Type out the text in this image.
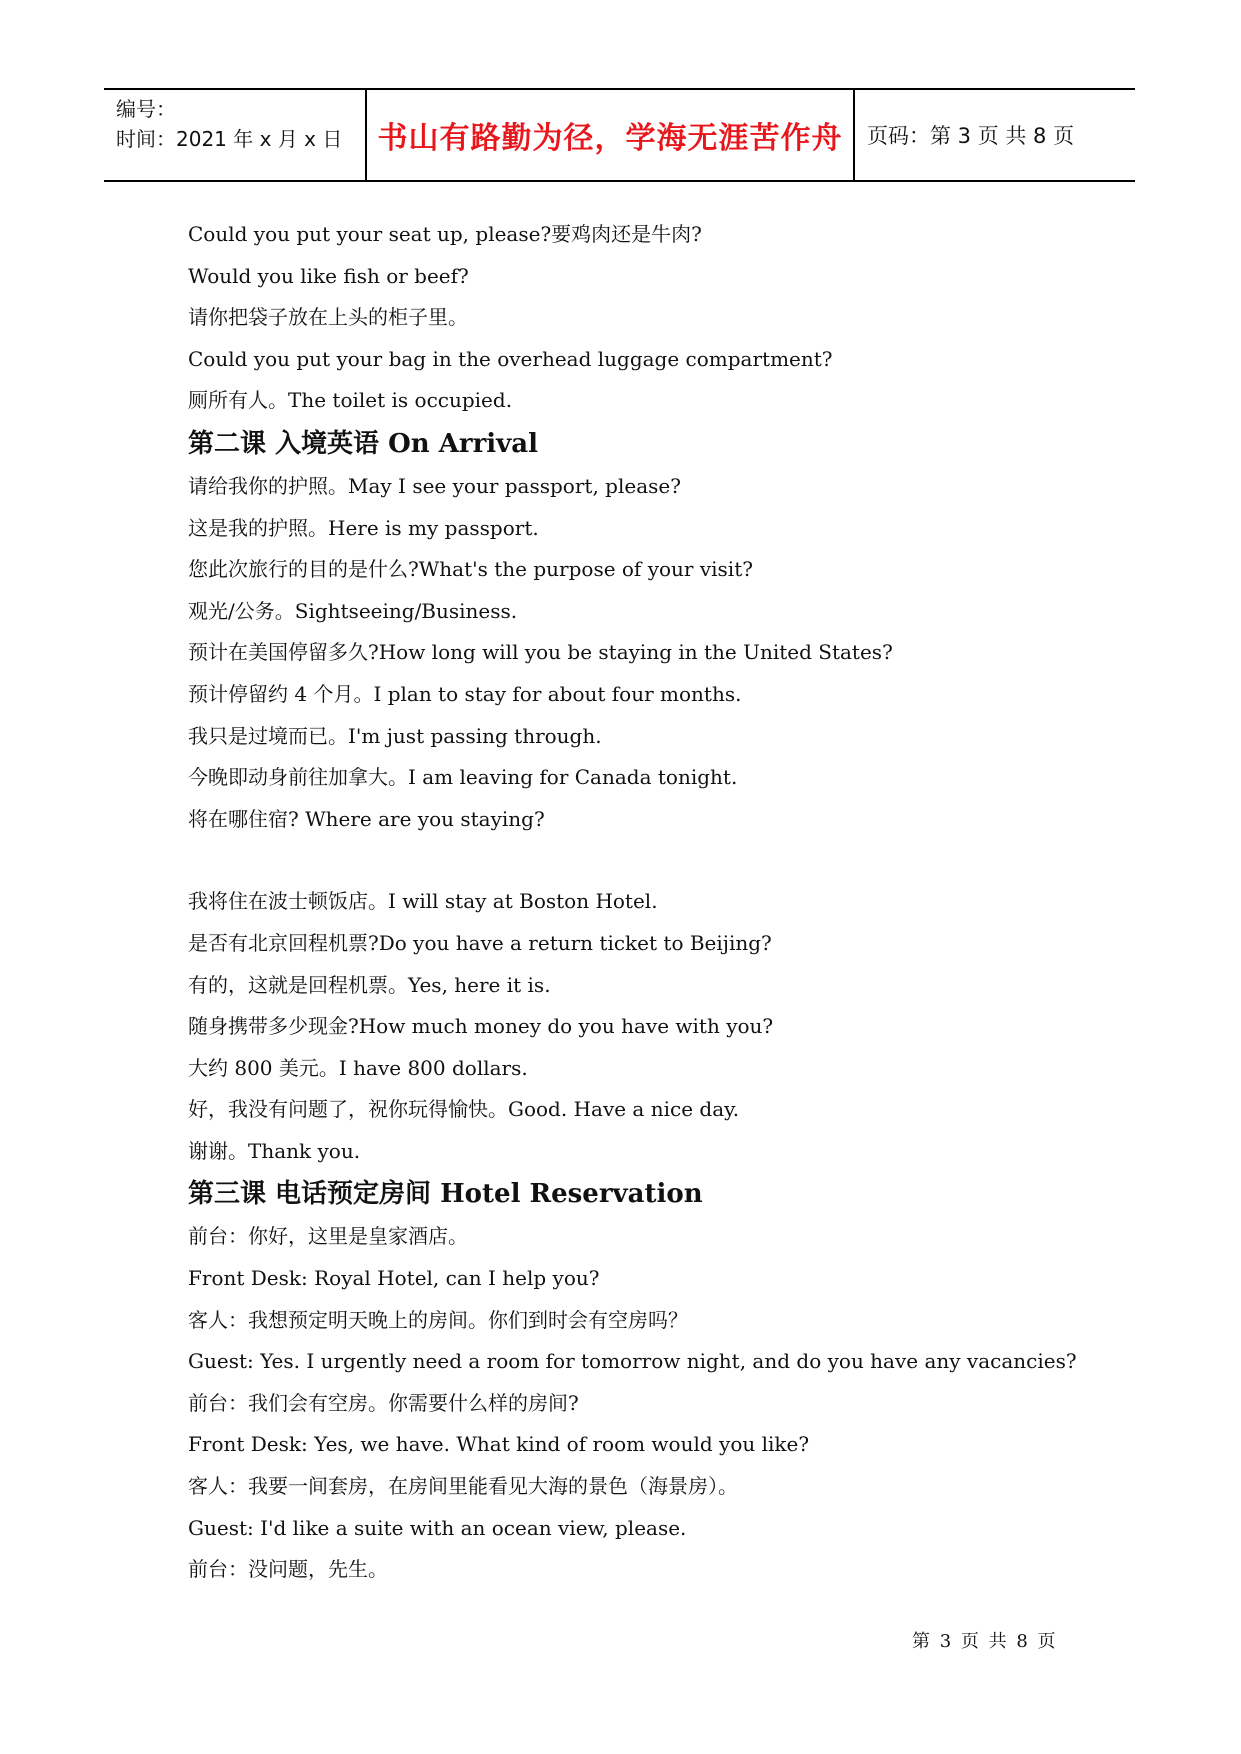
编号：
时间：2021 年 x 月 x 日	书山有路勤为径，学海无涯苦作舟	页码：第 3 页 共 8 页
Could you put your seat up, please?要鸡肉还是牛肉?
Would you like fish or beef?
请你把袋子放在上头的柜子里。
Could you put your bag in the overhead luggage compartment?
厕所有人。The toilet is occupied.
第二课 入境英语 On Arrival
请给我你的护照。May I see your passport, please?
这是我的护照。Here is my passport.
您此次旅行的目的是什么?What's the purpose of your visit?
观光/公务。Sightseeing/Business.
预计在美国停留多久?How long will you be staying in the United States?
预计停留约 4 个月。I plan to stay for about four months.
我只是过境而已。I'm just passing through.
今晚即动身前往加拿大。I am leaving for Canada tonight.
将在哪住宿? Where are you staying?
我将住在波士顿饭店。I will stay at Boston Hotel.
是否有北京回程机票?Do you have a return ticket to Beijing?
有的，这就是回程机票。Yes, here it is.
随身携带多少现金?How much money do you have with you?
大约 800 美元。I have 800 dollars.
好，我没有问题了，祝你玩得愉快。Good. Have a nice day.
谢谢。Thank you.
第三课 电话预定房间 Hotel Reservation
前台：你好，这里是皇家酒店。
Front Desk: Royal Hotel, can I help you?
客人：我想预定明天晚上的房间。你们到时会有空房吗？
Guest: Yes. I urgently need a room for tomorrow night, and do you have any vacancies?
前台：我们会有空房。你需要什么样的房间?
Front Desk: Yes, we have. What kind of room would you like?
客人：我要一间套房，在房间里能看见大海的景色（海景房）。
Guest: I'd like a suite with an ocean view, please.
前台：没问题，先生。
第 3 页 共 8 页
